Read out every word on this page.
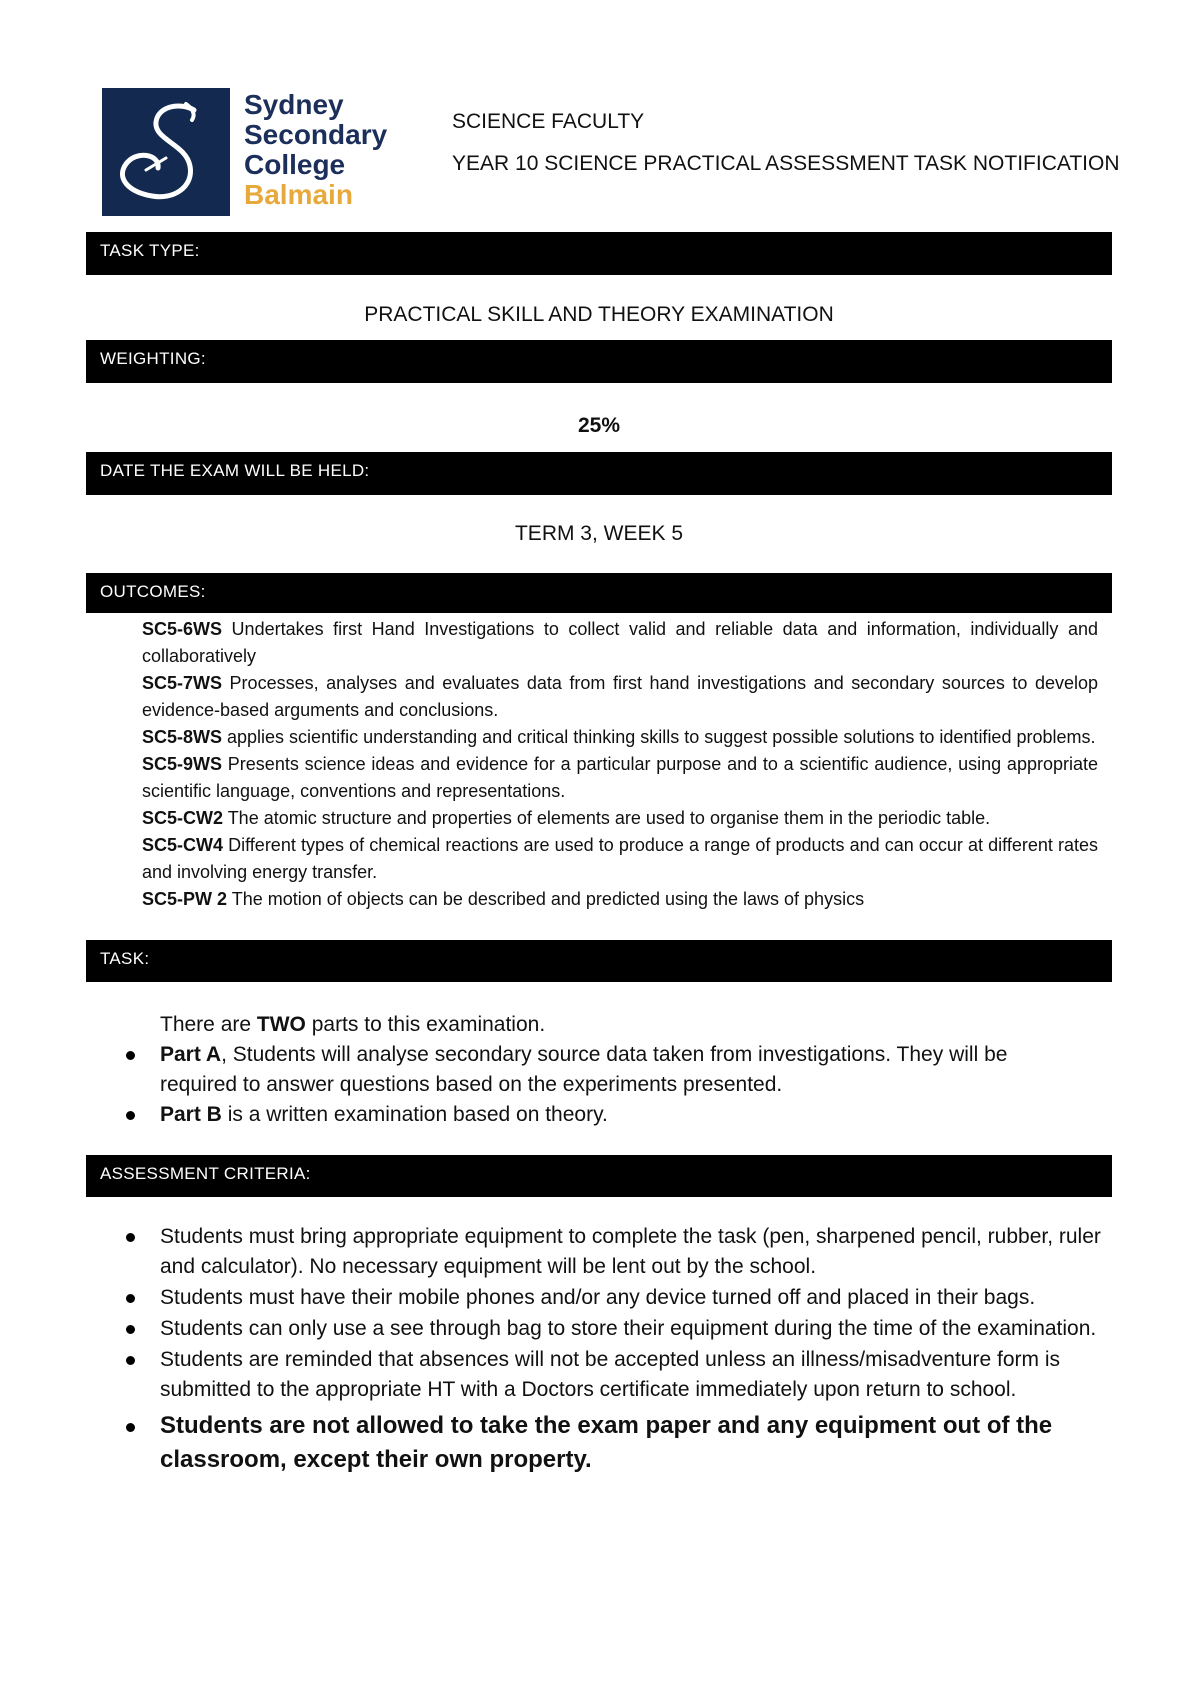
Sydney
Secondary
College
Balmain
SCIENCE FACULTY
YEAR 10 SCIENCE PRACTICAL ASSESSMENT TASK NOTIFICATION
TASK TYPE:
PRACTICAL SKILL AND THEORY EXAMINATION
WEIGHTING:
25%
DATE THE EXAM WILL BE HELD:
TERM 3, WEEK 5
OUTCOMES:
SC5-6WS Undertakes first Hand Investigations to collect valid and reliable data and information, individually and collaboratively
SC5-7WS Processes, analyses and evaluates data from first hand investigations and secondary sources to develop evidence-based arguments and conclusions.
SC5-8WS applies scientific understanding and critical thinking skills to suggest possible solutions to identified problems.
SC5-9WS Presents science ideas and evidence for a particular purpose and to a scientific audience, using appropriate scientific language, conventions and representations.
SC5-CW2 The atomic structure and properties of elements are used to organise them in the periodic table.
SC5-CW4 Different types of chemical reactions are used to produce a range of products and can occur at different rates and involving energy transfer.
SC5-PW 2 The motion of objects can be described and predicted using the laws of physics
TASK:
There are TWO parts to this examination.
Part A, Students will analyse secondary source data taken from investigations. They will be required to answer questions based on the experiments presented.
Part B is a written examination based on theory.
ASSESSMENT CRITERIA:
Students must bring appropriate equipment to complete the task (pen, sharpened pencil, rubber, ruler and calculator). No necessary equipment will be lent out by the school.
Students must have their mobile phones and/or any device turned off and placed in their bags.
Students can only use a see through bag to store their equipment during the time of the examination.
Students are reminded that absences will not be accepted unless an illness/misadventure form is submitted to the appropriate HT with a Doctors certificate immediately upon return to school.
Students are not allowed to take the exam paper and any equipment out of the classroom, except their own property.
